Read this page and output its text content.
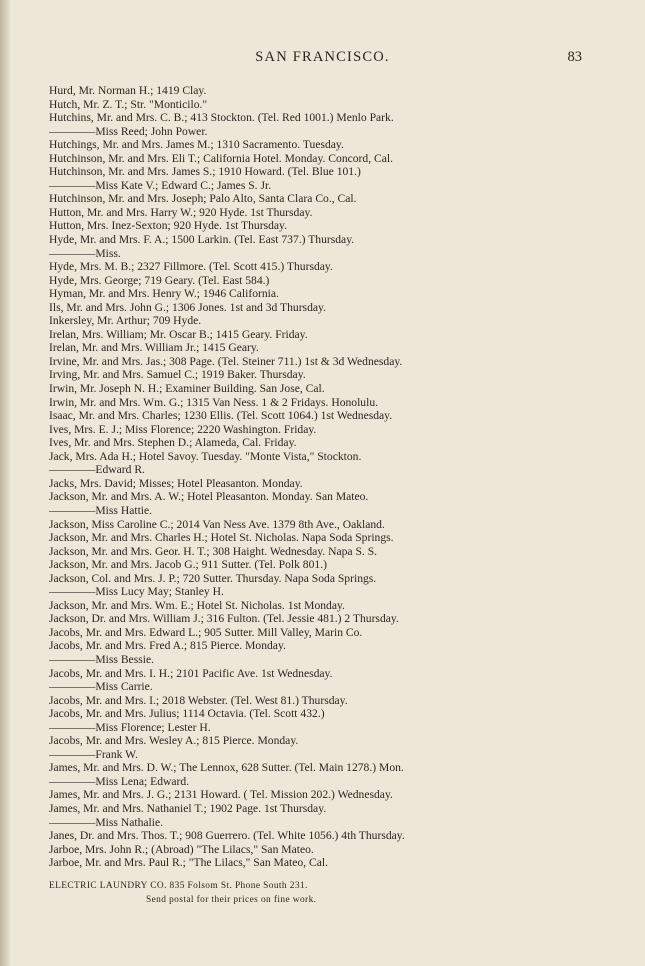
SAN FRANCISCO.	83
Hurd, Mr. Norman H.; 1419 Clay.
Hutch, Mr. Z. T.; Str. "Monticilo."
Hutchins, Mr. and Mrs. C. B.; 413 Stockton. (Tel. Red 1001.) Menlo Park.
————Miss Reed; John Power.
Hutchings, Mr. and Mrs. James M.; 1310 Sacramento. Tuesday.
Hutchinson, Mr. and Mrs. Eli T.; California Hotel. Monday. Concord, Cal.
Hutchinson, Mr. and Mrs. James S.; 1910 Howard. (Tel. Blue 101.)
————Miss Kate V.; Edward C.; James S. Jr.
Hutchinson, Mr. and Mrs. Joseph; Palo Alto, Santa Clara Co., Cal.
Hutton, Mr. and Mrs. Harry W.; 920 Hyde. 1st Thursday.
Hutton, Mrs. Inez-Sexton; 920 Hyde. 1st Thursday.
Hyde, Mr. and Mrs. F. A.; 1500 Larkin. (Tel. East 737.) Thursday.
————Miss.
Hyde, Mrs. M. B.; 2327 Fillmore. (Tel. Scott 415.) Thursday.
Hyde, Mrs. George; 719 Geary. (Tel. East 584.)
Hyman, Mr. and Mrs. Henry W.; 1946 California.
Ils, Mr. and Mrs. John G.; 1306 Jones. 1st and 3d Thursday.
Inkersley, Mr. Arthur; 709 Hyde.
Irelan, Mrs. William; Mr. Oscar B.; 1415 Geary. Friday.
Irelan, Mr. and Mrs. William Jr.; 1415 Geary.
Irvine, Mr. and Mrs. Jas.; 308 Page. (Tel. Steiner 711.) 1st & 3d Wednesday.
Irving, Mr. and Mrs. Samuel C.; 1919 Baker. Thursday.
Irwin, Mr. Joseph N. H.; Examiner Building. San Jose, Cal.
Irwin, Mr. and Mrs. Wm. G.; 1315 Van Ness. 1 & 2 Fridays. Honolulu.
Isaac, Mr. and Mrs. Charles; 1230 Ellis. (Tel. Scott 1064.) 1st Wednesday.
Ives, Mrs. E. J.; Miss Florence; 2220 Washington. Friday.
Ives, Mr. and Mrs. Stephen D.; Alameda, Cal. Friday.
Jack, Mrs. Ada H.; Hotel Savoy. Tuesday. "Monte Vista," Stockton.
————Edward R.
Jacks, Mrs. David; Misses; Hotel Pleasanton. Monday.
Jackson, Mr. and Mrs. A. W.; Hotel Pleasanton. Monday. San Mateo.
————Miss Hattie.
Jackson, Miss Caroline C.; 2014 Van Ness Ave. 1379 8th Ave., Oakland.
Jackson, Mr. and Mrs. Charles H.; Hotel St. Nicholas. Napa Soda Springs.
Jackson, Mr. and Mrs. Geor. H. T.; 308 Haight. Wednesday. Napa S. S.
Jackson, Mr. and Mrs. Jacob G.; 911 Sutter. (Tel. Polk 801.)
Jackson, Col. and Mrs. J. P.; 720 Sutter. Thursday. Napa Soda Springs.
————Miss Lucy May; Stanley H.
Jackson, Mr. and Mrs. Wm. E.; Hotel St. Nicholas. 1st Monday.
Jackson, Dr. and Mrs. William J.; 316 Fulton. (Tel. Jessie 481.) 2 Thursday.
Jacobs, Mr. and Mrs. Edward L.; 905 Sutter. Mill Valley, Marin Co.
Jacobs, Mr. and Mrs. Fred A.; 815 Pierce. Monday.
————Miss Bessie.
Jacobs, Mr. and Mrs. I. H.; 2101 Pacific Ave. 1st Wednesday.
————Miss Carrie.
Jacobs, Mr. and Mrs. I.; 2018 Webster. (Tel. West 81.) Thursday.
Jacobs, Mr. and Mrs. Julius; 1114 Octavia. (Tel. Scott 432.)
————Miss Florence; Lester H.
Jacobs, Mr. and Mrs. Wesley A.; 815 Pierce. Monday.
————Frank W.
James, Mr. and Mrs. D. W.; The Lennox, 628 Sutter. (Tel. Main 1278.) Mon.
————Miss Lena; Edward.
James, Mr. and Mrs. J. G.; 2131 Howard. ( Tel. Mission 202.) Wednesday.
James, Mr. and Mrs. Nathaniel T.; 1902 Page. 1st Thursday.
————Miss Nathalie.
Janes, Dr. and Mrs. Thos. T.; 908 Guerrero. (Tel. White 1056.) 4th Thursday.
Jarboe, Mrs. John R.; (Abroad) "The Lilacs," San Mateo.
Jarboe, Mr. and Mrs. Paul R.; "The Lilacs," San Mateo, Cal.
ELECTRIC LAUNDRY CO. 835 Folsom St. Phone South 231.
Send postal for their prices on fine work.
